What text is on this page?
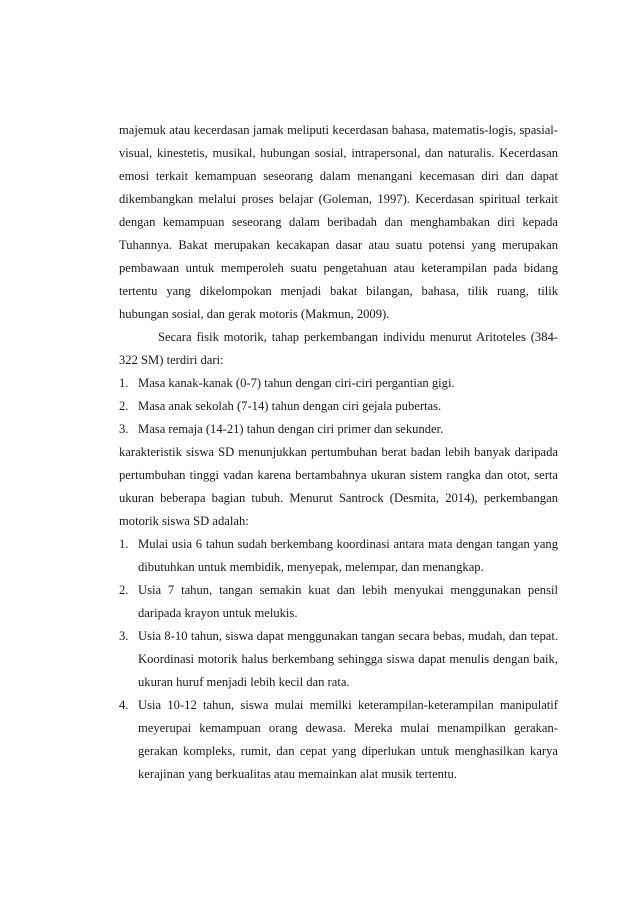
majemuk atau kecerdasan jamak meliputi kecerdasan bahasa, matematis-logis, spasial-visual, kinestetis, musikal, hubungan sosial, intrapersonal, dan naturalis. Kecerdasan emosi terkait kemampuan seseorang dalam menangani kecemasan diri dan dapat dikembangkan melalui proses belajar (Goleman, 1997). Kecerdasan spiritual terkait dengan kemampuan seseorang dalam beribadah dan menghambakan diri kepada Tuhannya. Bakat merupakan kecakapan dasar atau suatu potensi yang merupakan pembawaan untuk memperoleh suatu pengetahuan atau keterampilan pada bidang tertentu yang dikelompokan menjadi bakat bilangan, bahasa, tilik ruang, tilik hubungan sosial, dan gerak motoris (Makmun, 2009).

Secara fisik motorik, tahap perkembangan individu menurut Aritoteles (384-322 SM) terdiri dari:

1. Masa kanak-kanak (0-7) tahun dengan ciri-ciri pergantian gigi.
2. Masa anak sekolah (7-14) tahun dengan ciri gejala pubertas.
3. Masa remaja (14-21) tahun dengan ciri primer dan sekunder.

karakteristik siswa SD menunjukkan pertumbuhan berat badan lebih banyak daripada pertumbuhan tinggi vadan karena bertambahnya ukuran sistem rangka dan otot, serta ukuran beberapa bagian tubuh. Menurut Santrock (Desmita, 2014), perkembangan motorik siswa SD adalah:

1. Mulai usia 6 tahun sudah berkembang koordinasi antara mata dengan tangan yang dibutuhkan untuk membidik, menyepak, melempar, dan menangkap.
2. Usia 7 tahun, tangan semakin kuat dan lebih menyukai menggunakan pensil daripada krayon untuk melukis.
3. Usia 8-10 tahun, siswa dapat menggunakan tangan secara bebas, mudah, dan tepat. Koordinasi motorik halus berkembang sehingga siswa dapat menulis dengan baik, ukuran huruf menjadi lebih kecil dan rata.
4. Usia 10-12 tahun, siswa mulai memilki keterampilan-keterampilan manipulatif meyerupai kemampuan orang dewasa. Mereka mulai menampilkan gerakan-gerakan kompleks, rumit, dan cepat yang diperlukan untuk menghasilkan karya kerajinan yang berkualitas atau memainkan alat musik tertentu.
